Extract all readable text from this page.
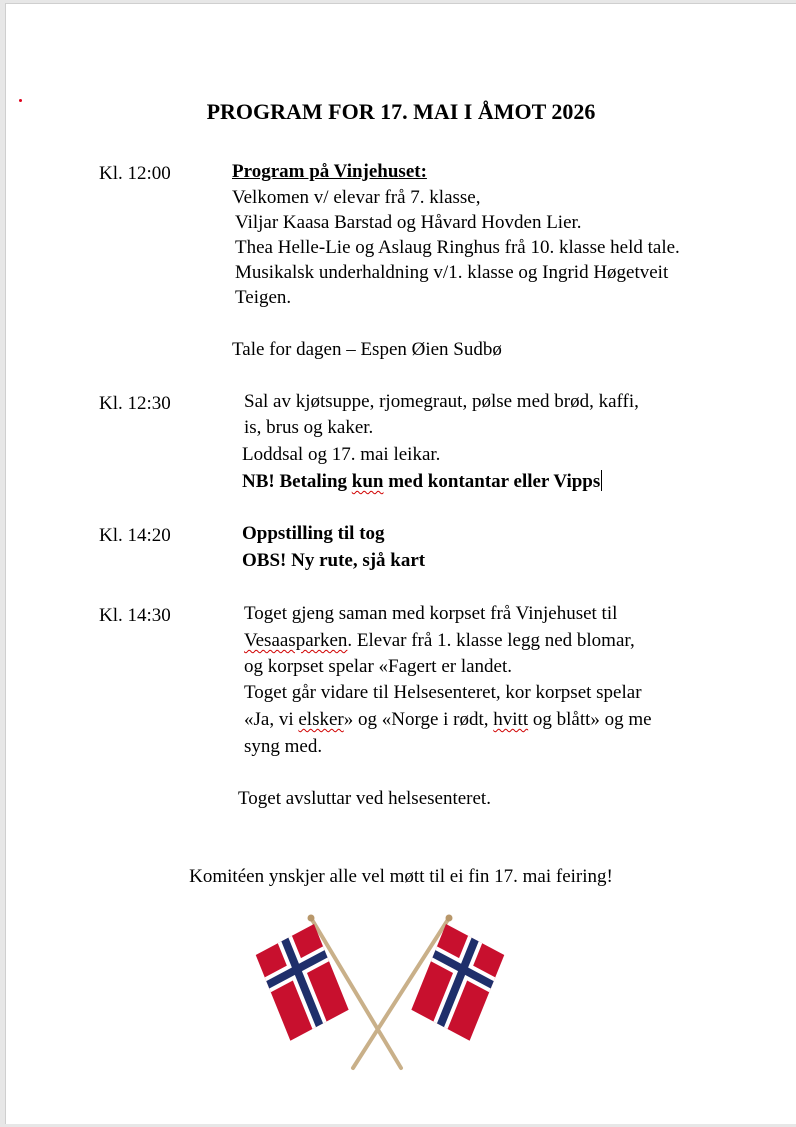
PROGRAM FOR 17. MAI I ÅMOT 2026
Kl. 12:00	Program på Vinjehuset:
Velkomen v/ elevar frå 7. klasse,
Viljar Kaasa Barstad og Håvard Hovden Lier.
Thea Helle-Lie og Aslaug Ringhus frå 10. klasse held tale.
Musikalsk underhaldning v/1. klasse og Ingrid Høgetveit
Teigen.
Tale for dagen – Espen Øien Sudbø
Kl. 12:30	Sal av kjøtsuppe, rjomegraut, pølse med brød, kaffi,
is, brus og kaker.
Loddsal og 17. mai leikar.
NB! Betaling kun med kontantar eller Vipps
Kl. 14:20	Oppstilling til tog
OBS! Ny rute, sjå kart
Kl. 14:30	Toget gjeng saman med korpset frå Vinjehuset til
Vesaasparken. Elevar frå 1. klasse legg ned blomar,
og korpset spelar «Fagert er landet.
Toget går vidare til Helsesenteret, kor korpset spelar
«Ja, vi elsker» og «Norge i rødt, hvitt og blått» og me
syng med.
Toget avsluttar ved helsesenteret.
Komitéen ynskjer alle vel møtt til ei fin 17. mai feiring!
